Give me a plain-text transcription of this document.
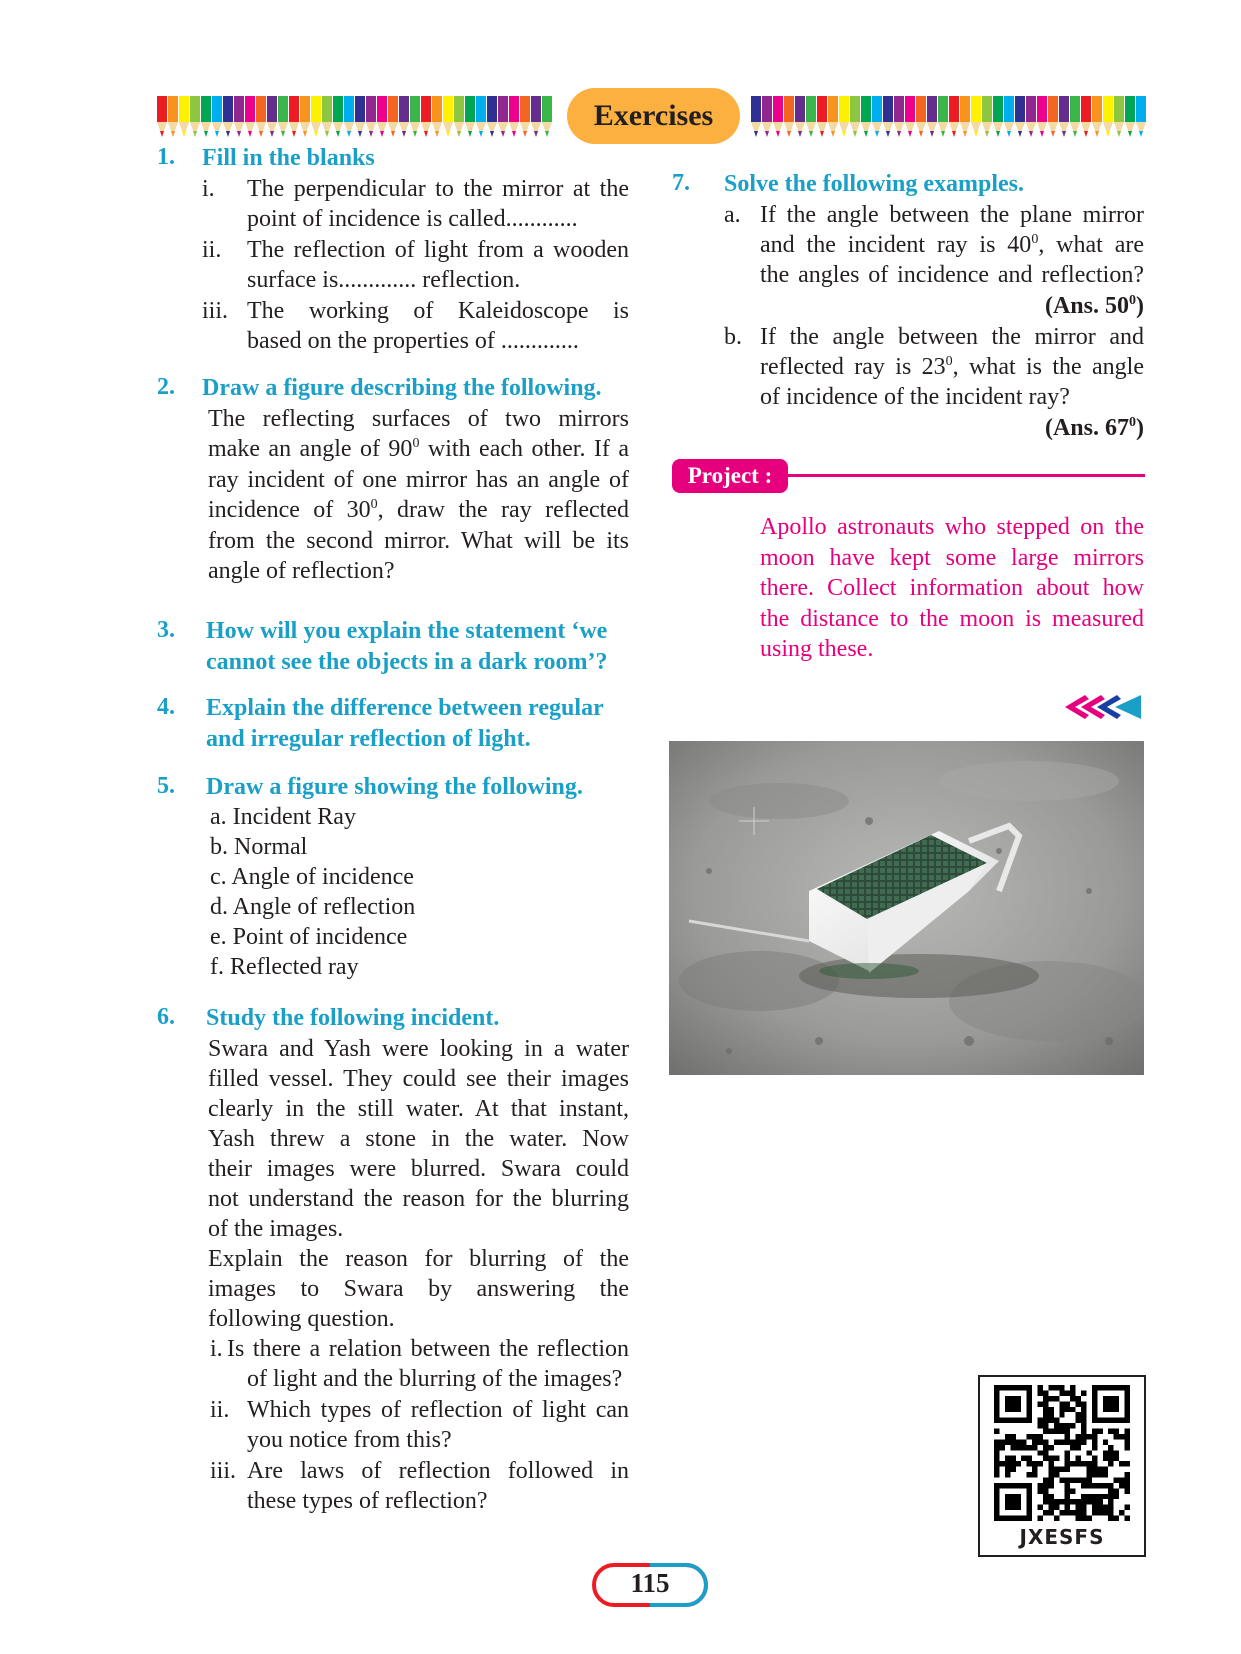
Exercises
1. Fill in the blanks
i. The perpendicular to the mirror at the
point of incidence is called............
ii. The reflection of light from a wooden
surface is............. reflection.
iii. The working of Kaleidoscope is
based on the properties of .............
2. Draw a figure describing the following.
The reflecting surfaces of two mirrors
make an angle of $90^0$ with each other. If a
ray incident of one mirror has an angle of
incidence of $30^0$, draw the ray reflected
from the second mirror. What will be its
angle of reflection?
3. How will you explain the statement ‘we
cannot see the objects in a dark room’?
4. Explain the difference between regular
and irregular reflection of light.
5. Draw a figure showing the following.
a. Incident Ray
b. Normal
c. Angle of incidence
d. Angle of reflection
e. Point of incidence
f. Reflected ray
6. Study the following incident.
Swara and Yash were looking in a water
filled vessel. They could see their images
clearly in the still water. At that instant,
Yash threw a stone in the water. Now
their images were blurred. Swara could
not understand the reason for the blurring
of the images.
Explain the reason for blurring of the
images to Swara by answering the
following question.
i. Is there a relation between the reflection
of light and the blurring of the images?
ii. Which types of reflection of light can
you notice from this?
iii. Are laws of reflection followed in
these types of reflection?
7. Solve the following examples.
a. If the angle between the plane mirror
and the incident ray is $40^0$, what are
the angles of incidence and reflection?
(Ans. $50^0$)
b. If the angle between the mirror and
reflected ray is $23^0$, what is the angle
of incidence of the incident ray?
(Ans. $67^0$)
Project :
Apollo astronauts who stepped on the
moon have kept some large mirrors
there. Collect information about how
the distance to the moon is measured
using these.
JXESFS
115
